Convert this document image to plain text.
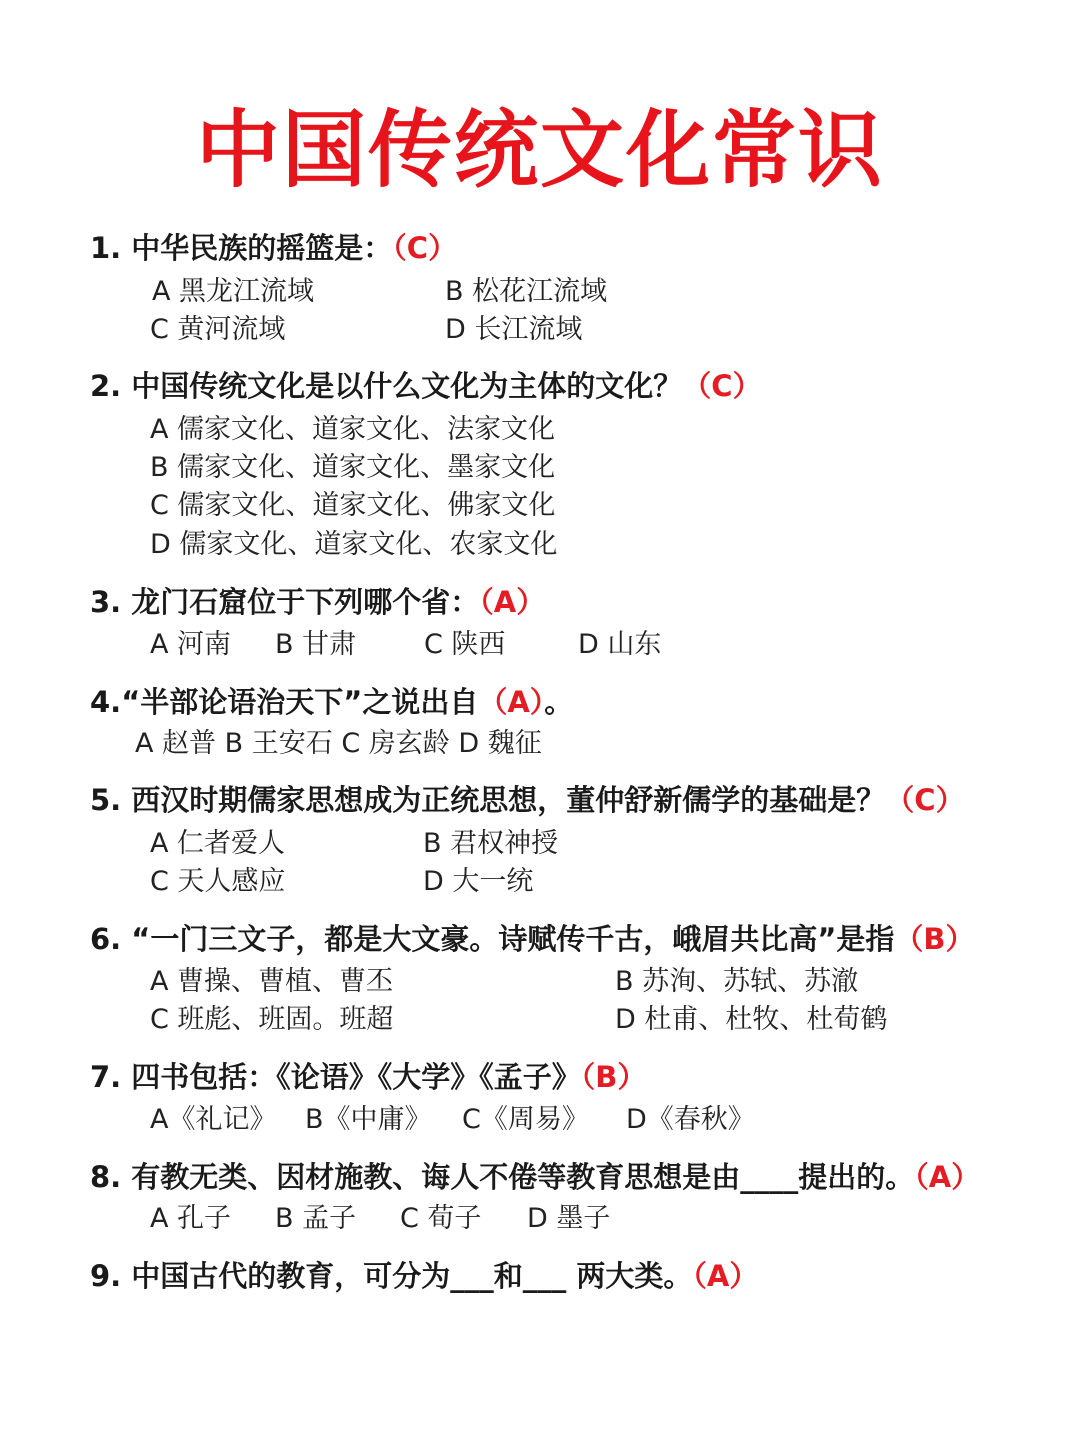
中国传统文化常识
1. 中华民族的摇篮是：（C）
A 黑龙江流域	B 松花江流域
C 黄河流域	D 长江流域
2. 中国传统文化是以什么文化为主体的文化？（C）
A 儒家文化、道家文化、法家文化
B 儒家文化、道家文化、墨家文化
C 儒家文化、道家文化、佛家文化
D 儒家文化、道家文化、农家文化
3. 龙门石窟位于下列哪个省：（A）
A 河南 B 甘肃	C 陕西	D 山东
4.“半部论语治天下”之说出自（A）。
A 赵普 B 王安石 C 房玄龄 D 魏征
5. 西汉时期儒家思想成为正统思想，董仲舒新儒学的基础是？（C）
A 仁者爱人	B 君权神授
C 天人感应	D 大一统
6. “一门三文子，都是大文豪。诗赋传千古，峨眉共比高”是指（B）
A 曹操、曹植、曹丕	B 苏洵、苏轼、苏澈
C 班彪、班固。班超	D 杜甫、杜牧、杜荀鹤
7. 四书包括：《论语》《大学》《孟子》（B）
A《礼记》 B《中庸》 C《周易》 D《春秋》
8. 有教无类、因材施教、诲人不倦等教育思想是由____提出的。（A）
A 孔子 B 孟子 C 荀子 D 墨子
9. 中国古代的教育，可分为___和___ 两大类。（A）
